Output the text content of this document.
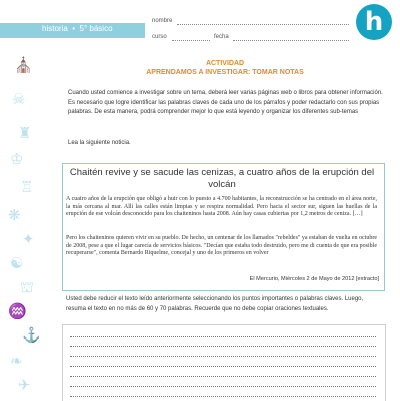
⛪
☠
♜
♔
♖
❋
✦
☯
⛫
♒
⚓
❧
✈
historia  •  5° básico
nombre
curso	fecha	h
ACTIVIDAD
APRENDAMOS A INVESTIGAR: TOMAR NOTAS
Cuando usted comience a investigar sobre un tema, deberá leer varias páginas web o libros para obtener información. Es necesario que logre identificar las palabras claves de cada uno de los párrafos y poder redactarlo con sus propias palabras. De esta manera, podrá comprender mejor lo que está leyendo y organizar los diferentes sub-temas
Lea la siguiente noticia.
Chaitén revive y se sacude las cenizas, a cuatro años de la erupción del volcán
A cuatro años de la erupción que obligó a huir con lo puesto a 4.700 habitantes, la reconstrucción se ha centrado en el área norte, la más cercana al mar. Allí las calles están limpias y se respira normalidad. Pero hacia el sector sur, siguen las huellas de la erupción de ese volcán desconocido para los chaiteninos hasta 2008. Aún hay casas cubiertas por 1,2 metros de ceniza. […]
Pero los chaiteninos quieren vivir en su pueblo. De hecho, un centenar de los llamados "rebeldes" ya estaban de vuelta en octubre de 2008, pese a que el lugar carecía de servicios básicos. "Decían que estaba todo destruido, pero me di cuenta de que era posible recuperarse", comenta Bernardo Riquelme, concejal y uno de los primeros en volver
El Mercurio, Miércoles 2 de Mayo de 2012 [extracto]
Usted debe reducir el texto leído anteriormente seleccionando los puntos importantes o palabras claves. Luego, resuma el texto en no más de 60 y 70 palabras. Recuerde que no debe copiar oraciones textuales.
